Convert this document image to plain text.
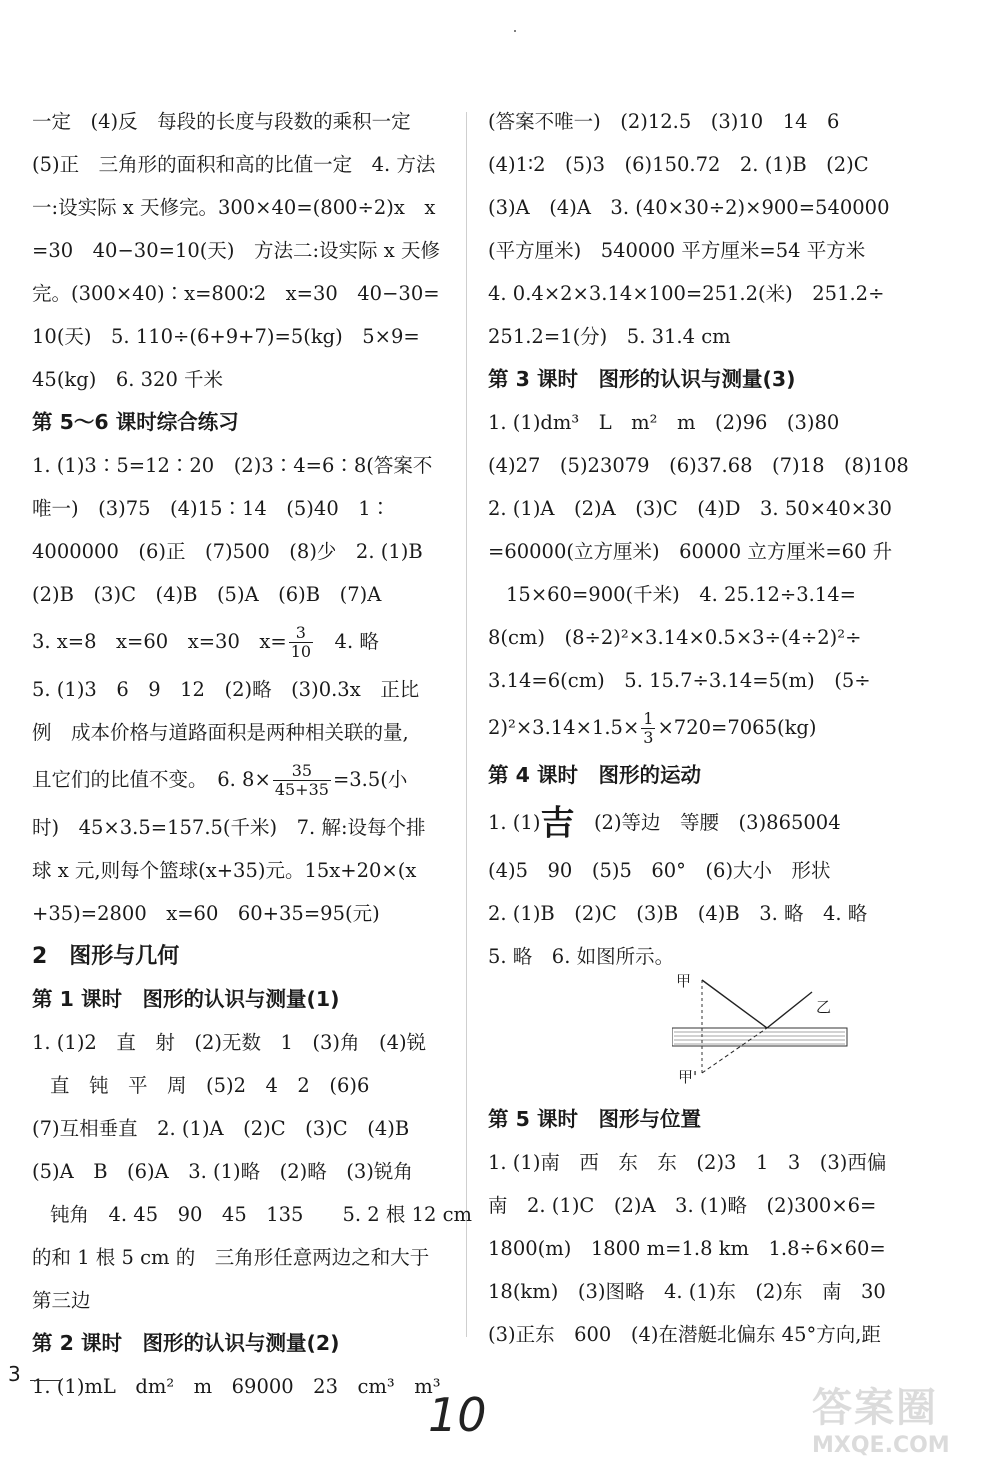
一定　(4)反　每段的长度与段数的乘积一定
(5)正　三角形的面积和高的比值一定　4. 方法
一:设实际 x 天修完。300×40=(800÷2)x　x
=30　40−30=10(天)　方法二:设实际 x 天修
完。(300×40)∶x=800∶2　x=30　40−30=
10(天)　5. 110÷(6+9+7)=5(kg)　5×9=
45(kg)　6. 320 千米
第 5～6 课时综合练习
1. (1)3∶5=12∶20　(2)3∶4=6∶8(答案不
唯一)　(3)75　(4)15∶14　(5)40　1∶
4000000　(6)正　(7)500　(8)少　2. (1)B
(2)B　(3)C　(4)B　(5)A　(6)B　(7)A
3. x=8　x=60　x=30　$x= \frac{3}{10}$ 　4. 略
5. (1)3　6　9　12　(2)略　(3)0.3x　正比
例　成本价格与道路面积是两种相关联的量,
且它们的比值不变。　6. $8\times \frac{35}{45+35} =3.5$(小
时)　45×3.5=157.5(千米)　7. 解:设每个排
球 x 元,则每个篮球(x+35)元。15x+20×(x
+35)=2800　x=60　60+35=95(元)
2　图形与几何
第 1 课时　图形的认识与测量(1)
1. (1)2　直　射　(2)无数　1　(3)角　(4)锐
直　钝　平　周　(5)2　4　2　(6)6
(7)互相垂直　2. (1)A　(2)C　(3)C　(4)B
(5)A　B　(6)A　3. (1)略　(2)略　(3)锐角
钝角　4. 45　90　45　135　　5. 2 根 12 cm
的和 1 根 5 cm 的　三角形任意两边之和大于
第三边
第 2 课时　图形的认识与测量(2)
1. (1)mL　dm²　m　69000　23　cm³　m³
(答案不唯一)　(2)12.5　(3)10　14　6
(4)1∶2　(5)3　(6)150.72　2. (1)B　(2)C
(3)A　(4)A　3. (40×30÷2)×900=540000
(平方厘米)　540000 平方厘米=54 平方米
4. 0.4×2×3.14×100=251.2(米)　251.2÷
251.2=1(分)　5. 31.4 cm
第 3 课时　图形的认识与测量(3)
1. (1)dm³　L　m²　m　(2)96　(3)80
(4)27　(5)23079　(6)37.68　(7)18　(8)108
2. (1)A　(2)A　(3)C　(4)D　3. 50×40×30
=60000(立方厘米)　60000 立方厘米=60 升
15×60=900(千米)　4. 25.12÷3.14=
8(cm)　(8÷2)²×3.14×0.5×3÷(4÷2)²÷
3.14=6(cm)　5. 15.7÷3.14=5(m)　(5÷
$2)^2\times 3.14\times 1.5\times \frac{1}{3} \times 720=7065(kg)$
第 4 课时　图形的运动
1. (1)吉　(2)等边　等腰　(3)865004
(4)5　90　(5)5　60°　(6)大小　形状
2. (1)B　(2)C　(3)B　(4)B　3. 略　4. 略
5. 略　6. 如图所示。
第 5 课时　图形与位置
1. (1)南　西　东　东　(2)3　1　3　(3)西偏
南　2. (1)C　(2)A　3. (1)略　(2)300×6=
1800(m)　1800 m=1.8 km　1.8÷6×60=
18(km)　(3)图略　4. (1)东　(2)东　南　30
(3)正东　600　(4)在潜艇北偏东 45°方向,距
甲
乙
甲'
3
10	答案圈
MXQE.COM
